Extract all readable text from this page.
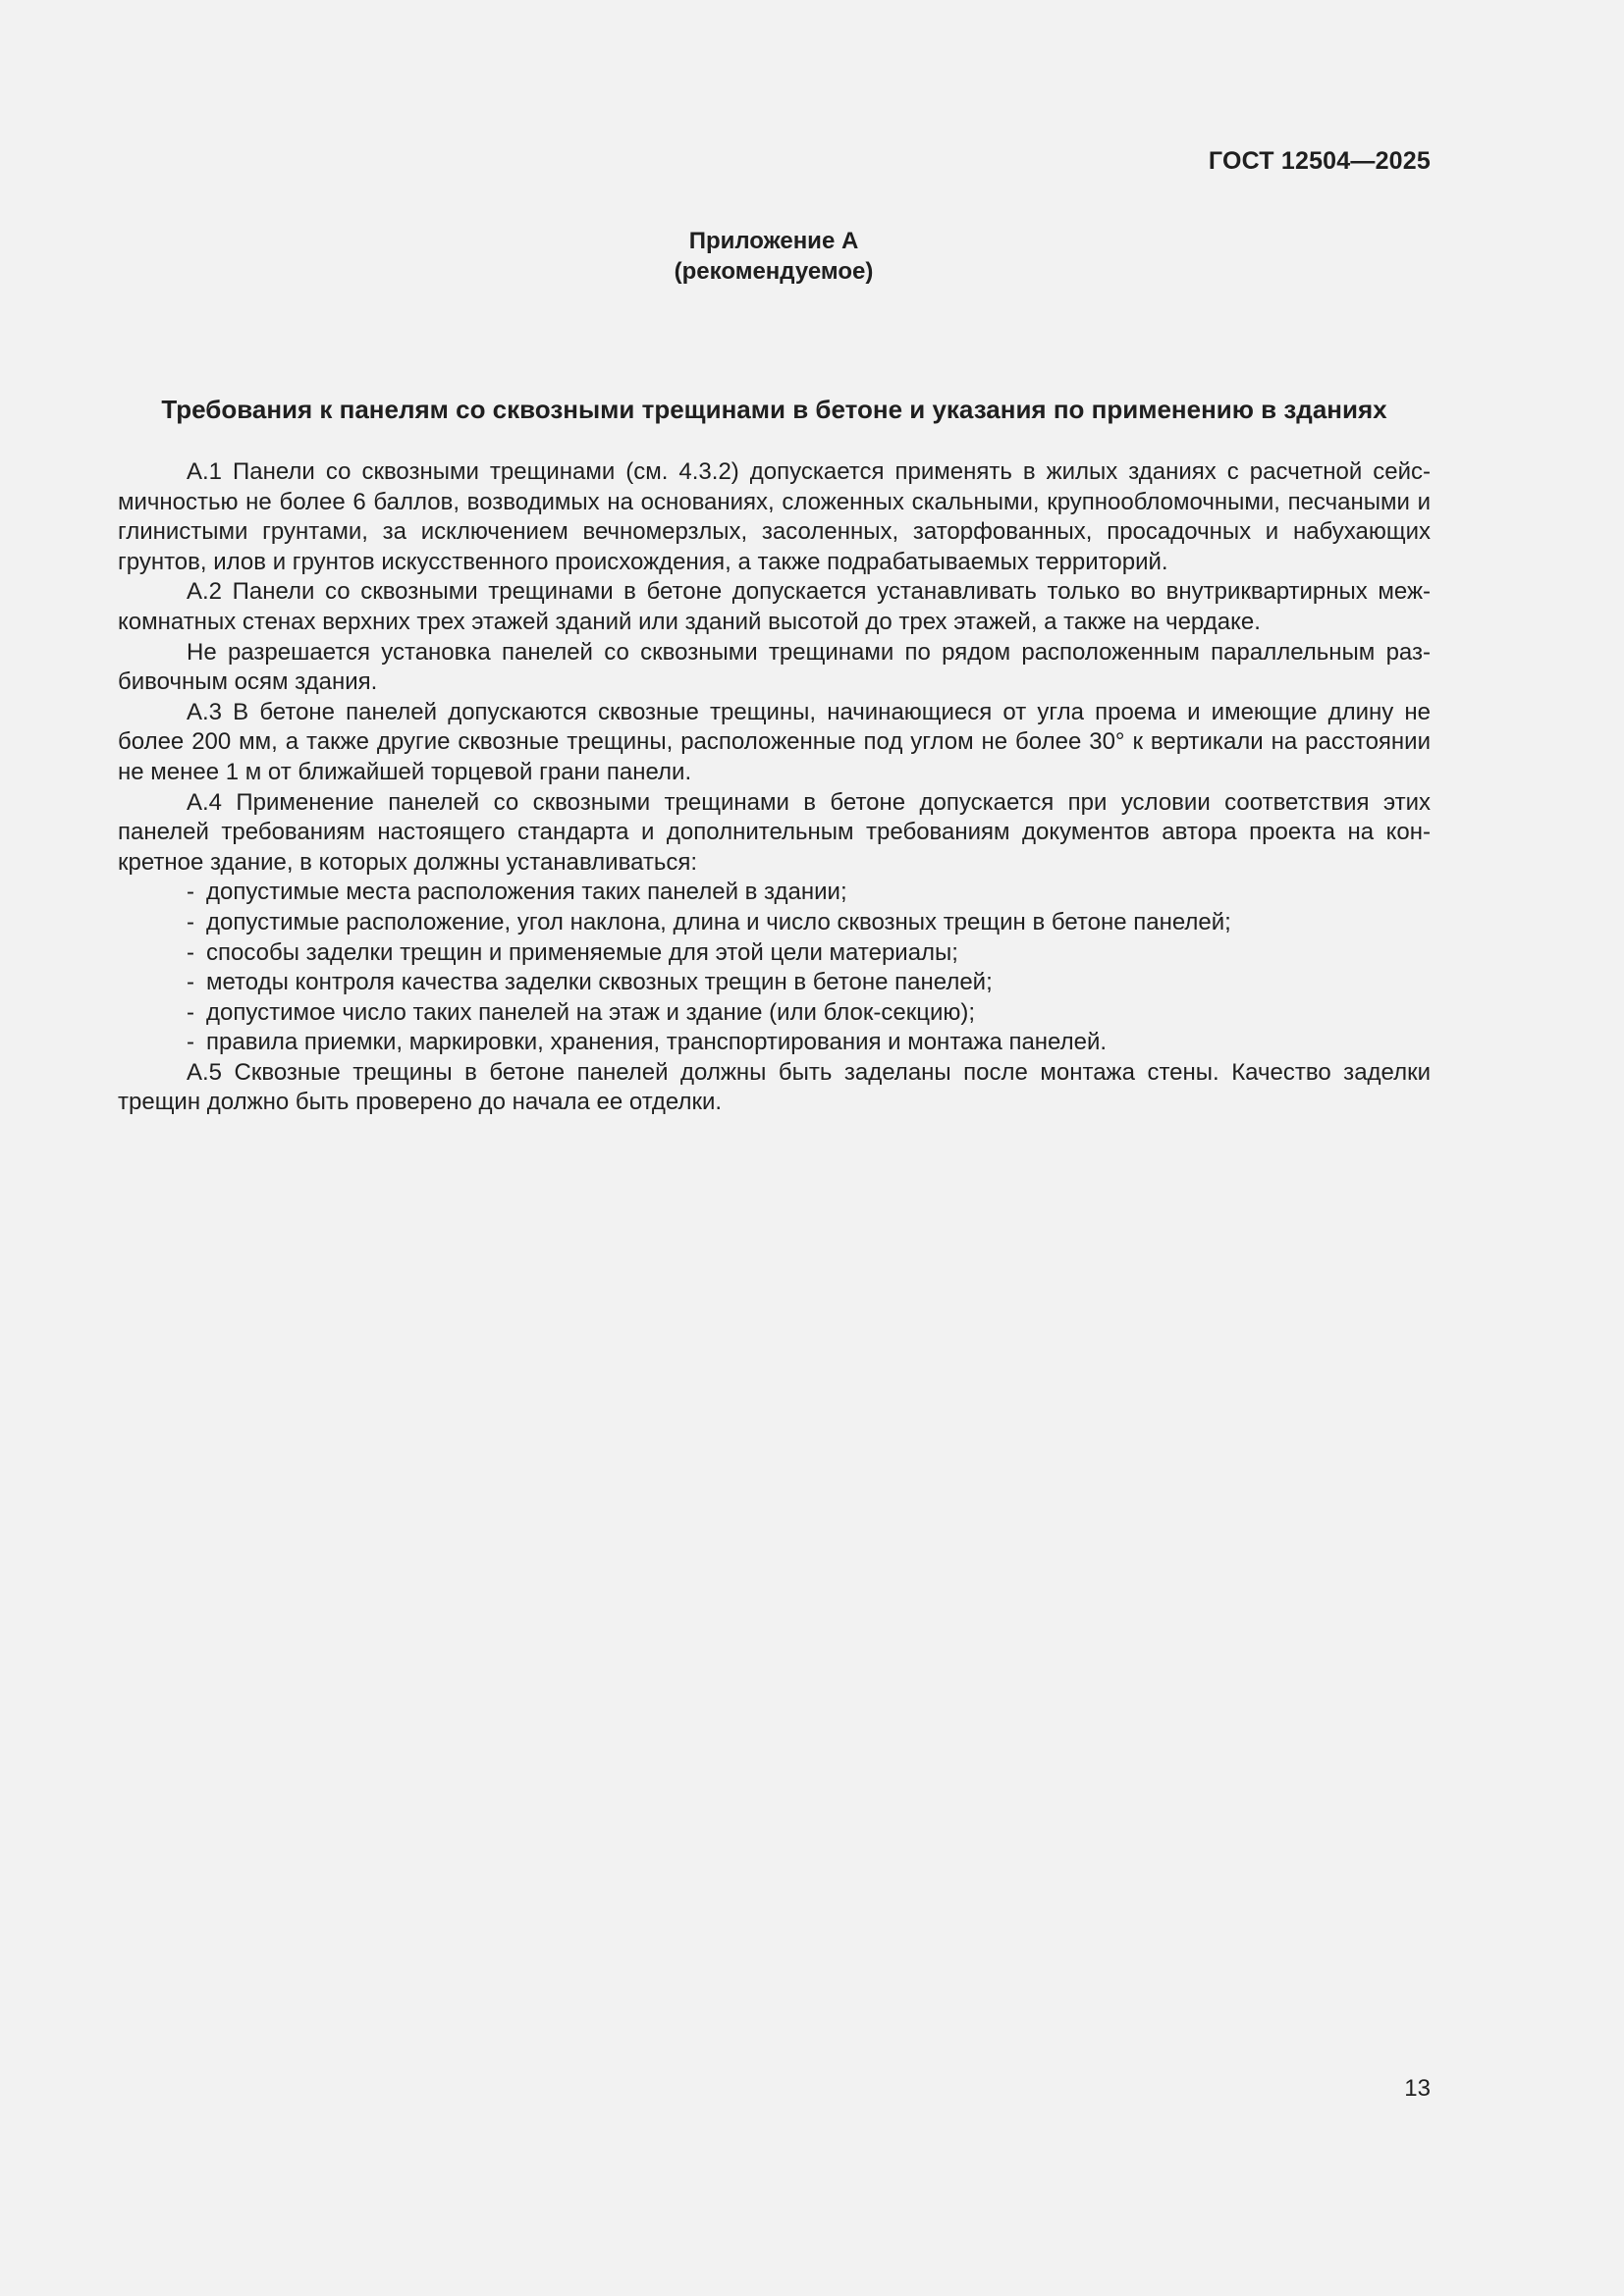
ГОСТ 12504—2025
Приложение А
(рекомендуемое)
Требования к панелям со сквозными трещинами в бетоне и указания по применению в зданиях

А.1 Панели со сквозными трещинами (см. 4.3.2) допускается применять в жилых зданиях с расчетной сейсмичностью не более 6 баллов, возводимых на основаниях, сложенных скальными, крупнообломочными, песчаными и глинистыми грунтами, за исключением вечномерзлых, засоленных, заторфованных, просадочных и набухающих грунтов, илов и грунтов искусственного происхождения, а также подрабатываемых территорий.

А.2 Панели со сквозными трещинами в бетоне допускается устанавливать только во внутриквартирных межкомнатных стенах верхних трех этажей зданий или зданий высотой до трех этажей, а также на чердаке.

Не разрешается установка панелей со сквозными трещинами по рядом расположенным параллельным разбивочным осям здания.

А.3 В бетоне панелей допускаются сквозные трещины, начинающиеся от угла проема и имеющие длину не более 200 мм, а также другие сквозные трещины, расположенные под углом не более 30° к вертикали на расстоянии не менее 1 м от ближайшей торцевой грани панели.

А.4 Применение панелей со сквозными трещинами в бетоне допускается при условии соответствия этих панелей требованиям настоящего стандарта и дополнительным требованиям документов автора проекта на конкретное здание, в которых должны устанавливаться:

- допустимые места расположения таких панелей в здании;
- допустимые расположение, угол наклона, длина и число сквозных трещин в бетоне панелей;
- способы заделки трещин и применяемые для этой цели материалы;
- методы контроля качества заделки сквозных трещин в бетоне панелей;
- допустимое число таких панелей на этаж и здание (или блок-секцию);
- правила приемки, маркировки, хранения, транспортирования и монтажа панелей.

А.5 Сквозные трещины в бетоне панелей должны быть заделаны после монтажа стены. Качество заделки трещин должно быть проверено до начала ее отделки.

13
